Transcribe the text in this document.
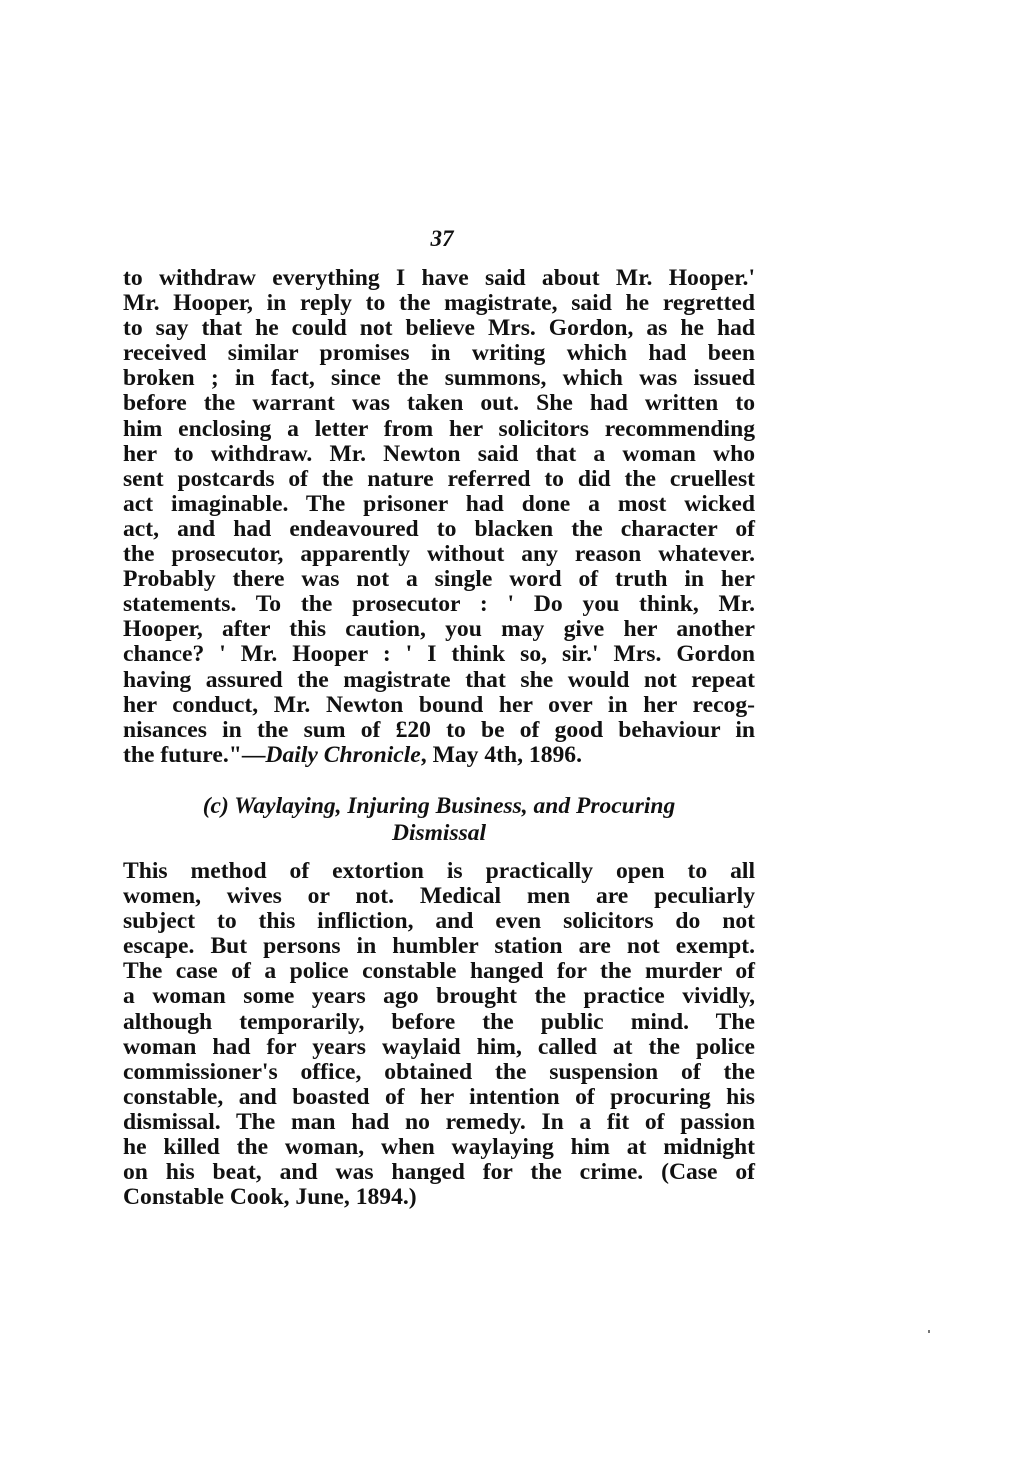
37
to withdraw everything I have said about Mr. Hooper.'
Mr. Hooper, in reply to the magistrate, said he regretted
to say that he could not believe Mrs. Gordon, as he had
received similar promises in writing which had been
broken ; in fact, since the summons, which was issued
before the warrant was taken out. She had written to
him enclosing a letter from her solicitors recommending
her to withdraw. Mr. Newton said that a woman who
sent postcards of the nature referred to did the cruellest
act imaginable. The prisoner had done a most wicked
act, and had endeavoured to blacken the character of
the prosecutor, apparently without any reason whatever.
Probably there was not a single word of truth in her
statements. To the prosecutor : ' Do you think, Mr.
Hooper, after this caution, you may give her another
chance? ' Mr. Hooper : ' I think so, sir.' Mrs. Gordon
having assured the magistrate that she would not repeat
her conduct, Mr. Newton bound her over in her recog-
nisances in the sum of £20 to be of good behaviour in
the future."—Daily Chronicle, May 4th, 1896.
(c) Waylaying, Injuring Business, and Procuring
Dismissal
This method of extortion is practically open to all
women, wives or not. Medical men are peculiarly
subject to this infliction, and even solicitors do not
escape. But persons in humbler station are not exempt.
The case of a police constable hanged for the murder of
a woman some years ago brought the practice vividly,
although temporarily, before the public mind. The
woman had for years waylaid him, called at the police
commissioner's office, obtained the suspension of the
constable, and boasted of her intention of procuring his
dismissal. The man had no remedy. In a fit of passion
he killed the woman, when waylaying him at midnight
on his beat, and was hanged for the crime. (Case of
Constable Cook, June, 1894.)
